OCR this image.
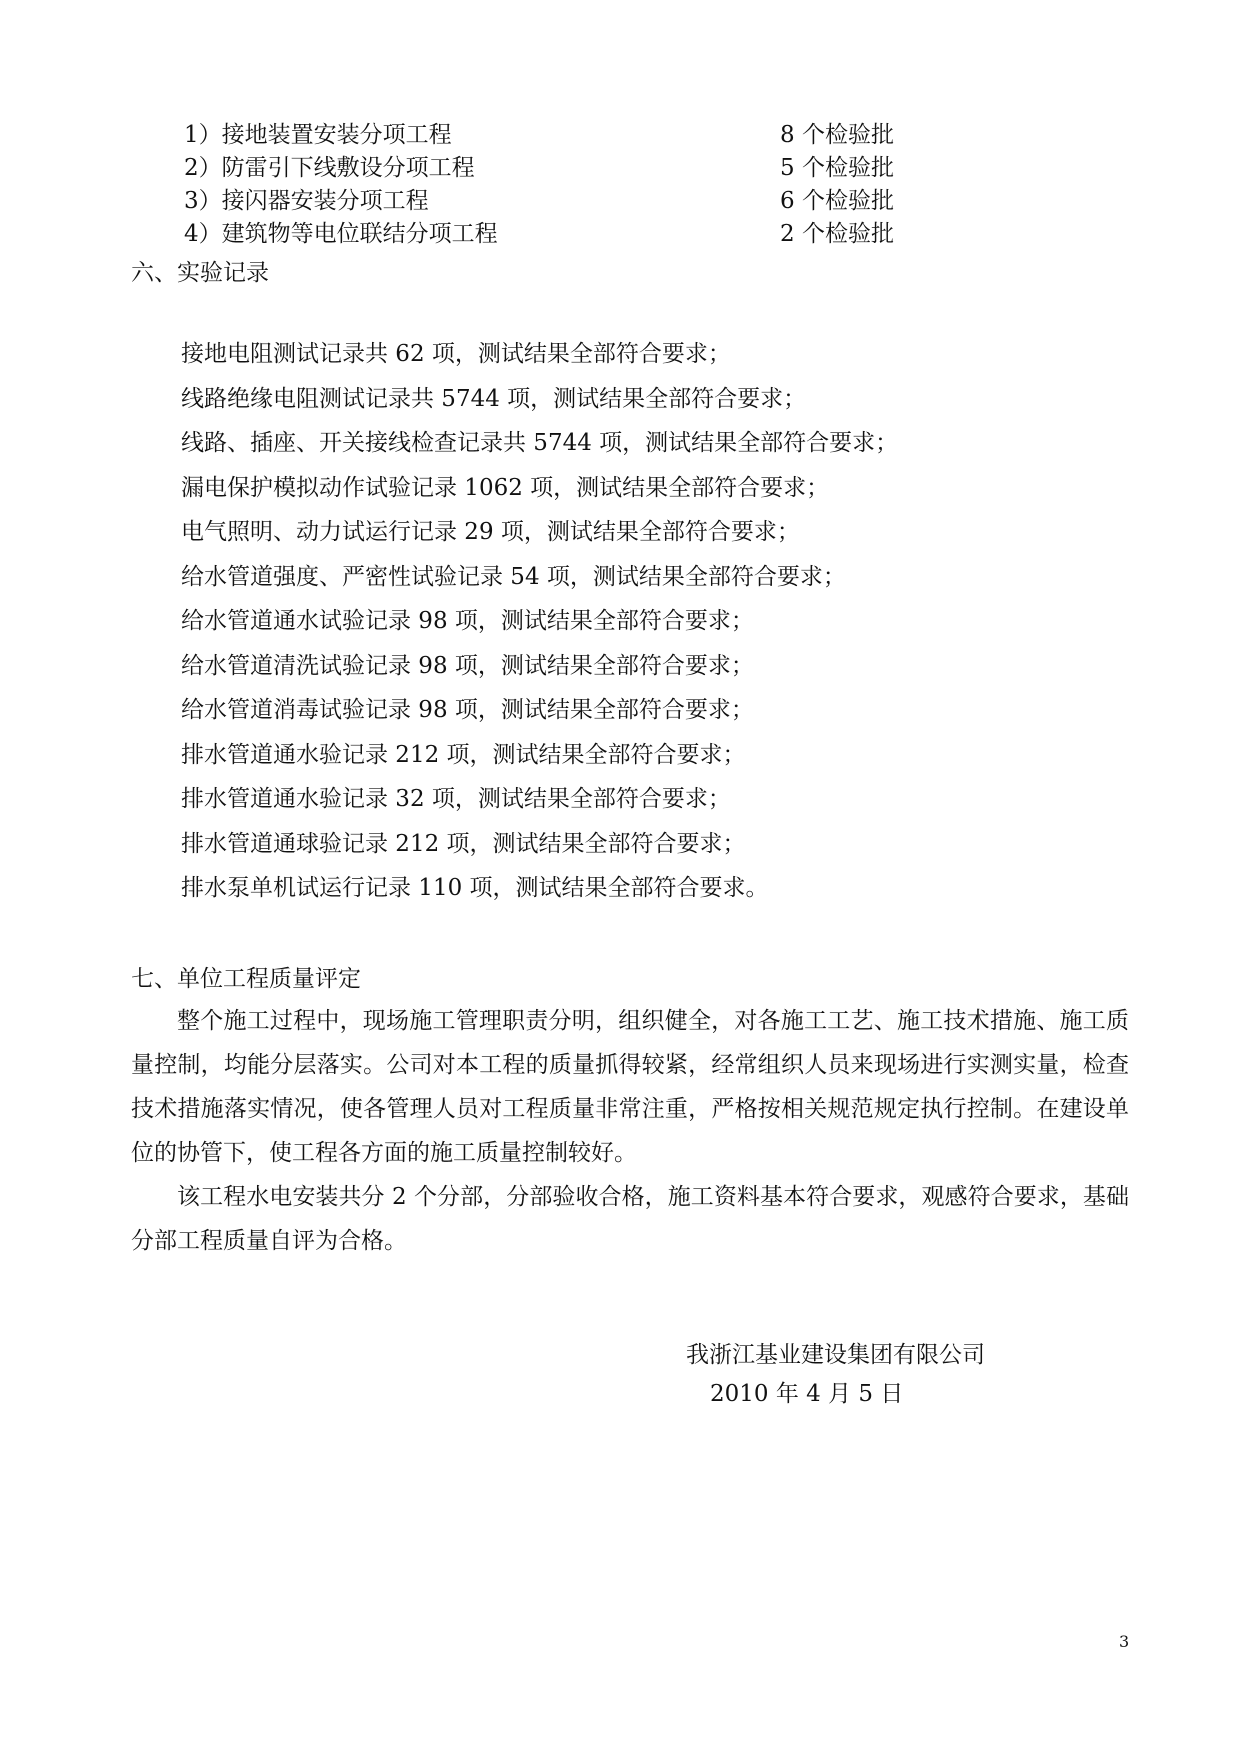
1）接地装置安装分项工程	8 个检验批
2）防雷引下线敷设分项工程	5 个检验批
3）接闪器安装分项工程	6 个检验批
4）建筑物等电位联结分项工程	2 个检验批
六、实验记录
接地电阻测试记录共 62 项，测试结果全部符合要求；
线路绝缘电阻测试记录共 5744 项，测试结果全部符合要求；
线路、插座、开关接线检查记录共 5744 项，测试结果全部符合要求；
漏电保护模拟动作试验记录 1062 项，测试结果全部符合要求；
电气照明、动力试运行记录 29 项，测试结果全部符合要求；
给水管道强度、严密性试验记录 54 项，测试结果全部符合要求；
给水管道通水试验记录 98 项，测试结果全部符合要求；
给水管道清洗试验记录 98 项，测试结果全部符合要求；
给水管道消毒试验记录 98 项，测试结果全部符合要求；
排水管道通水验记录 212 项，测试结果全部符合要求；
排水管道通水验记录 32 项，测试结果全部符合要求；
排水管道通球验记录 212 项，测试结果全部符合要求；
排水泵单机试运行记录 110 项，测试结果全部符合要求。
七、单位工程质量评定

整个施工过程中，现场施工管理职责分明，组织健全，对各施工工艺、施工技术措施、施工质量控制，均能分层落实。公司对本工程的质量抓得较紧，经常组织人员来现场进行实测实量，检查技术措施落实情况，使各管理人员对工程质量非常注重，严格按相关规范规定执行控制。在建设单位的协管下，使工程各方面的施工质量控制较好。

该工程水电安装共分 2 个分部，分部验收合格，施工资料基本符合要求，观感符合要求，基础分部工程质量自评为合格。

我浙江基业建设集团有限公司
2010 年 4 月 5 日
3
